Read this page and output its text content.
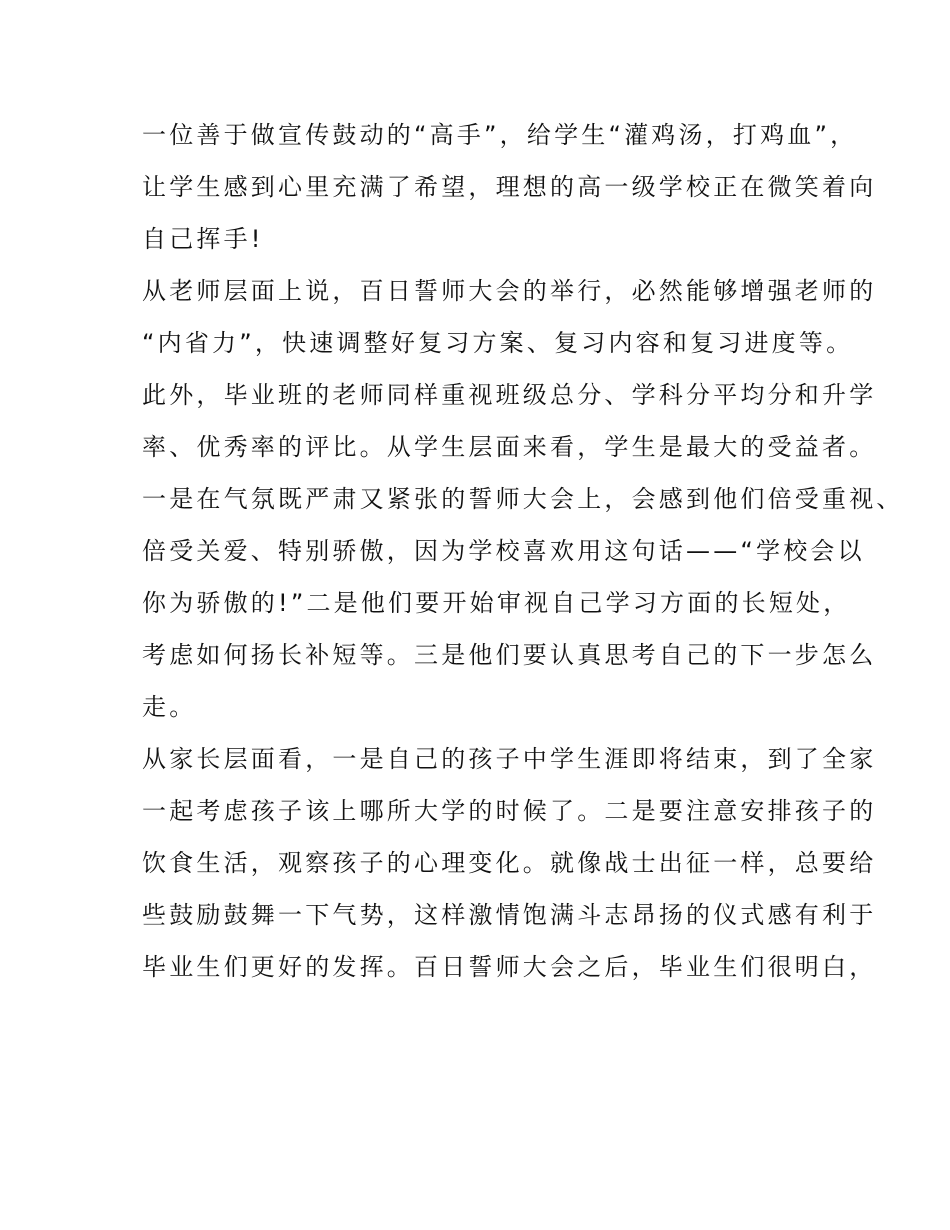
一位善于做宣传鼓动的“高手”，给学生“灌鸡汤，打鸡血”，
让学生感到心里充满了希望，理想的高一级学校正在微笑着向
自己挥手!
从老师层面上说，百日誓师大会的举行，必然能够增强老师的
“内省力”，快速调整好复习方案、复习内容和复习进度等。
此外，毕业班的老师同样重视班级总分、学科分平均分和升学
率、优秀率的评比。从学生层面来看，学生是最大的受益者。
一是在气氛既严肃又紧张的誓师大会上，会感到他们倍受重视、
倍受关爱、特别骄傲，因为学校喜欢用这句话——“学校会以
你为骄傲的!”二是他们要开始审视自己学习方面的长短处，
考虑如何扬长补短等。三是他们要认真思考自己的下一步怎么
走。
从家长层面看，一是自己的孩子中学生涯即将结束，到了全家
一起考虑孩子该上哪所大学的时候了。二是要注意安排孩子的
饮食生活，观察孩子的心理变化。就像战士出征一样，总要给
些鼓励鼓舞一下气势，这样激情饱满斗志昂扬的仪式感有利于
毕业生们更好的发挥。百日誓师大会之后，毕业生们很明白，
